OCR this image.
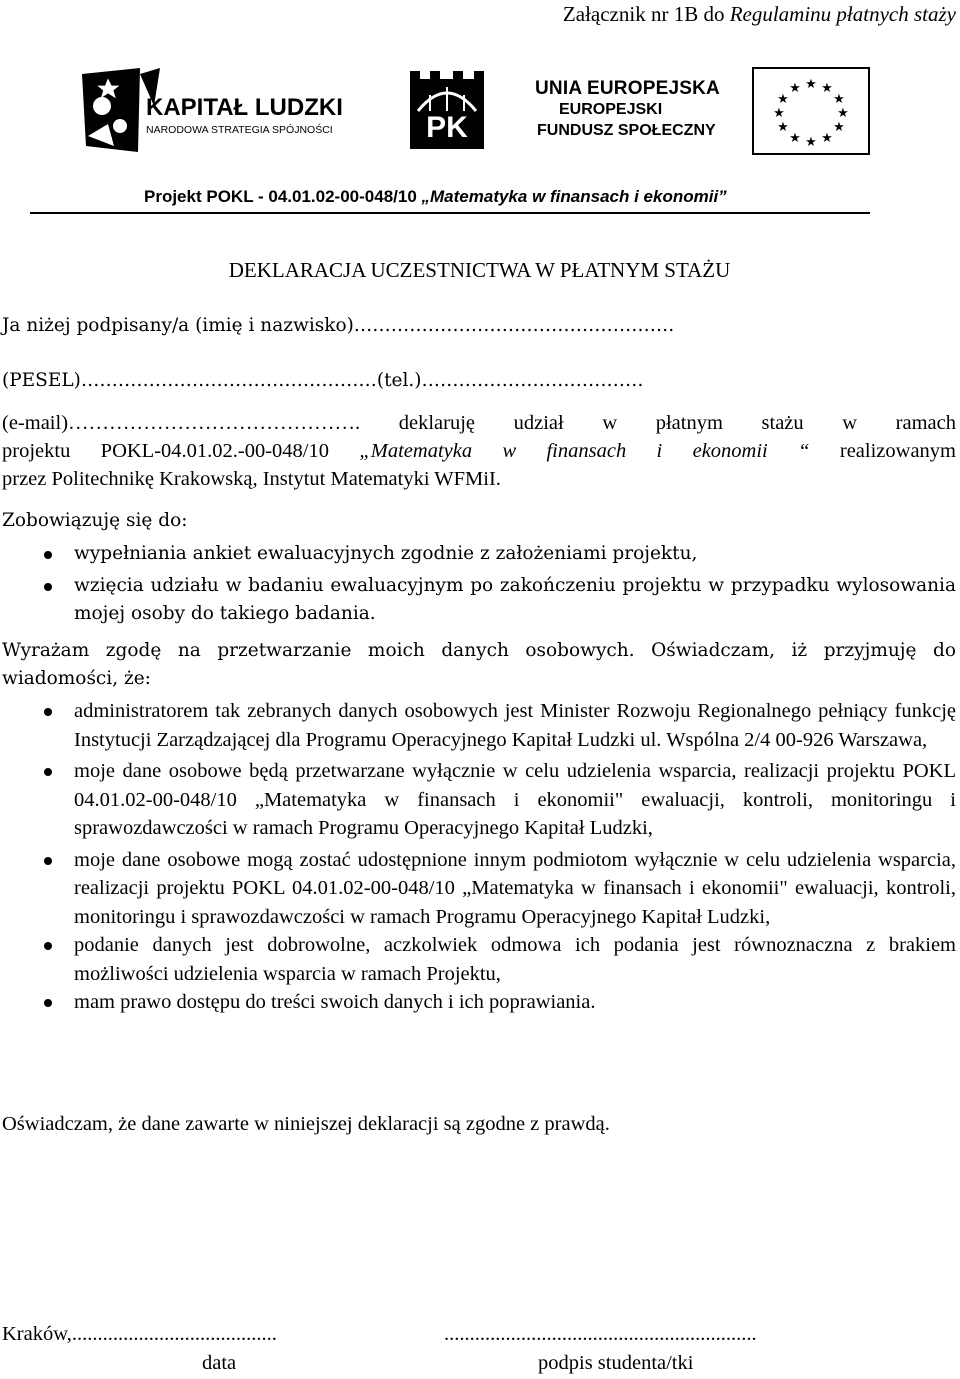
Załącznik nr 1B do Regulaminu płatnych staży
KAPITAŁ LUDZKI
NARODOWA STRATEGIA SPÓJNOŚCI	PK
UNIA EUROPEJSKA
EUROPEJSKI
FUNDUSZ SPOŁECZNY
★ ★
★
★
★
★
★
★
★
★
★
★
Projekt POKL - 04.01.02-00-048/10 „Matematyka w finansach i ekonomii”
DEKLARACJA UCZESTNICTWA W PŁATNYM STAŻU
Ja niżej podpisany/a (imię i nazwisko)…………………………………………….
(PESEL)…………………………………………(tel.)………………………………
(e-mail)……………………………………. deklaruję udział w płatnym stażu w ramach
projektu POKL-04.01.02.-00-048/10 „Matematyka w finansach i ekonomii “ realizowanym
przez Politechnikę Krakowską, Instytut Matematyki WFMiI.
Zobowiązuję się do:
wypełniania ankiet ewaluacyjnych zgodnie z założeniami projektu,
wzięcia udziału w badaniu ewaluacyjnym po zakończeniu projektu w przypadku wylosowania mojej osoby do takiego badania.
Wyrażam zgodę na przetwarzanie moich danych osobowych. Oświadczam, iż przyjmuję do
wiadomości, że:
administratorem tak zebranych danych osobowych jest Minister Rozwoju Regionalnego pełniący funkcję Instytucji Zarządzającej dla Programu Operacyjnego Kapitał Ludzki ul. Wspólna 2/4 00-926 Warszawa,
moje dane osobowe będą przetwarzane wyłącznie w celu udzielenia wsparcia, realizacji projektu POKL 04.01.02-00-048/10 „Matematyka w finansach i ekonomii" ewaluacji, kontroli, monitoringu i sprawozdawczości w ramach Programu Operacyjnego Kapitał Ludzki,
moje dane osobowe mogą zostać udostępnione innym podmiotom wyłącznie w celu udzielenia wsparcia, realizacji projektu POKL 04.01.02-00-048/10 „Matematyka w finansach i ekonomii" ewaluacji, kontroli, monitoringu i sprawozdawczości w ramach Programu Operacyjnego Kapitał Ludzki,
podanie danych jest dobrowolne, aczkolwiek odmowa ich podania jest równoznaczna z brakiem możliwości udzielenia wsparcia w ramach Projektu,
mam prawo dostępu do treści swoich danych i ich poprawiania.
Oświadczam, że dane zawarte w niniejszej deklaracji są zgodne z prawdą.
Kraków,........................................	.............................................................
data	podpis studenta/tki
